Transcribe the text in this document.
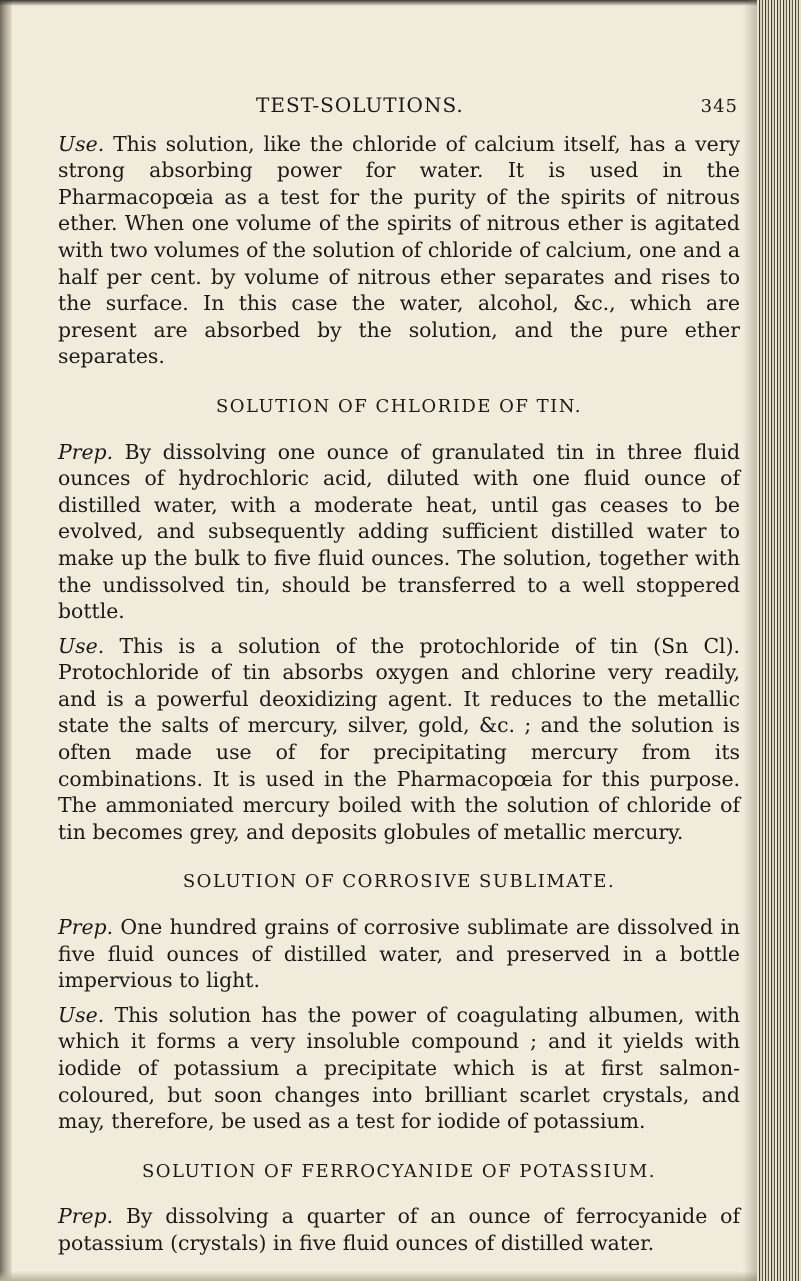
TEST-SOLUTIONS.	345

Use. This solution, like the chloride of calcium itself, has a very strong absorbing power for water. It is used in the Pharmacopœia as a test for the purity of the spirits of nitrous ether. When one volume of the spirits of nitrous ether is agitated with two volumes of the solution of chloride of calcium, one and a half per cent. by volume of nitrous ether separates and rises to the surface. In this case the water, alcohol, &c., which are present are absorbed by the solution, and the pure ether separates.

SOLUTION OF CHLORIDE OF TIN.

Prep. By dissolving one ounce of granulated tin in three fluid ounces of hydrochloric acid, diluted with one fluid ounce of distilled water, with a moderate heat, until gas ceases to be evolved, and subsequently adding sufficient distilled water to make up the bulk to five fluid ounces. The solution, together with the undissolved tin, should be transferred to a well stoppered bottle.

Use. This is a solution of the protochloride of tin (Sn Cl). Protochloride of tin absorbs oxygen and chlorine very readily, and is a powerful deoxidizing agent. It reduces to the metallic state the salts of mercury, silver, gold, &c. ; and the solution is often made use of for precipitating mercury from its combinations. It is used in the Pharmacopœia for this purpose. The ammoniated mercury boiled with the solution of chloride of tin becomes grey, and deposits globules of metallic mercury.

SOLUTION OF CORROSIVE SUBLIMATE.

Prep. One hundred grains of corrosive sublimate are dissolved in five fluid ounces of distilled water, and preserved in a bottle impervious to light.

Use. This solution has the power of coagulating albumen, with which it forms a very insoluble compound ; and it yields with iodide of potassium a precipitate which is at first salmon-coloured, but soon changes into brilliant scarlet crystals, and may, therefore, be used as a test for iodide of potassium.

SOLUTION OF FERROCYANIDE OF POTASSIUM.

Prep. By dissolving a quarter of an ounce of ferrocyanide of potassium (crystals) in five fluid ounces of distilled water.
